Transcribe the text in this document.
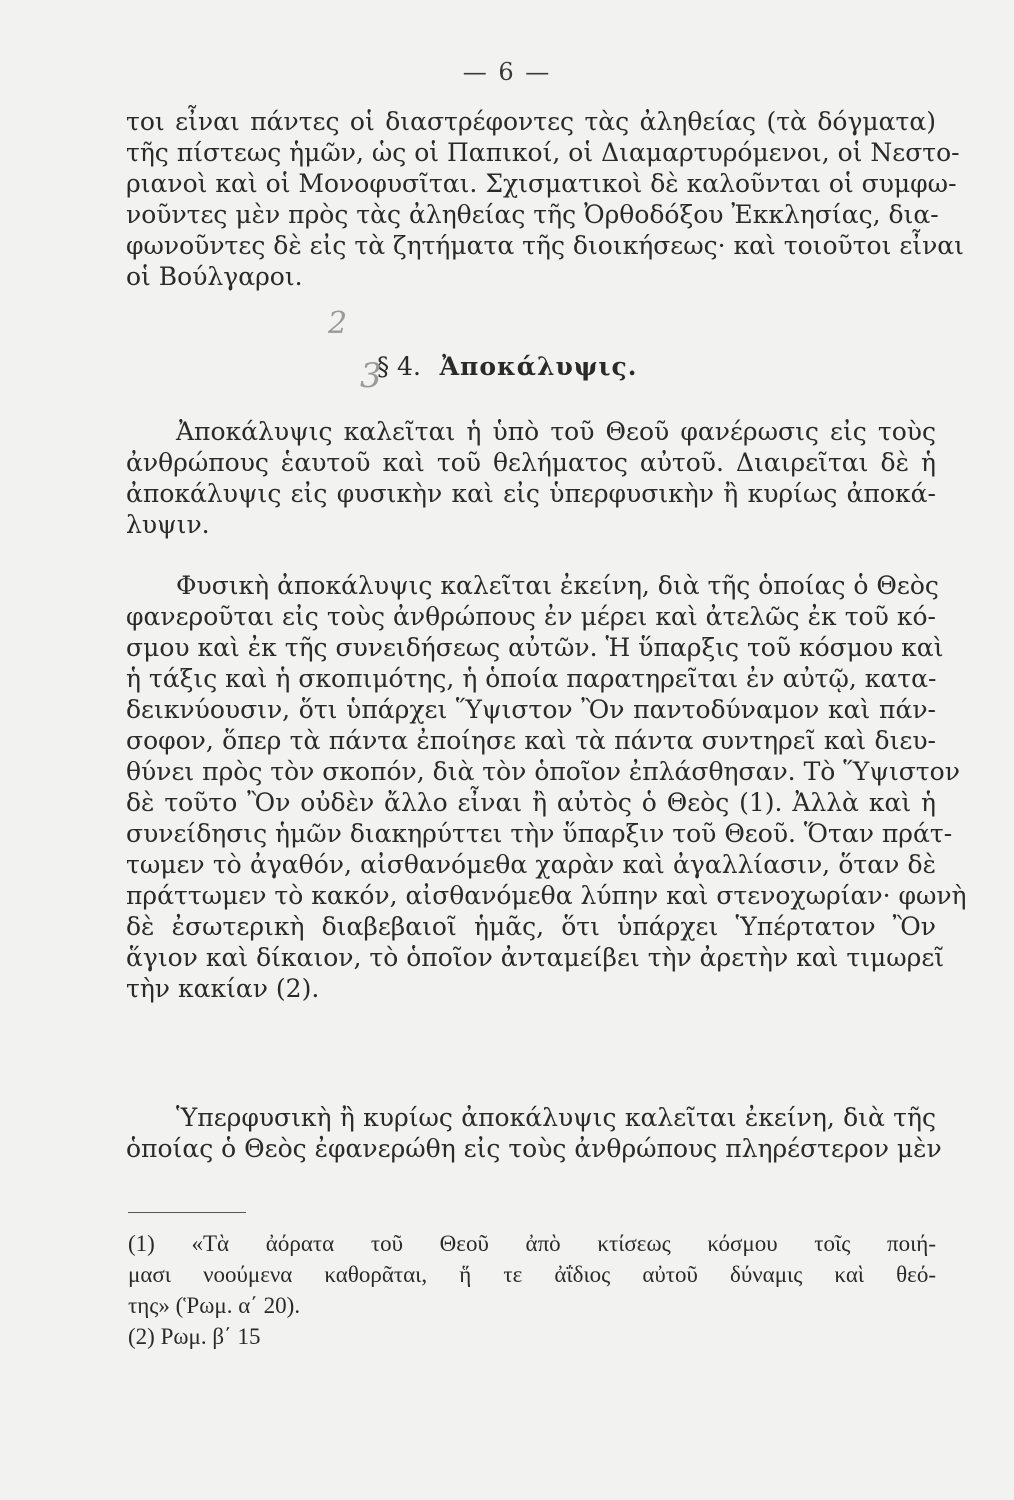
— 6 —
τοι εἶναι πάντες οἱ διαστρέφοντες τὰς ἀληθείας (τὰ δόγματα)
τῆς πίστεως ἡμῶν, ὡς οἱ Παπικοί, οἱ Διαμαρτυρόμενοι, οἱ Νεστο-
ριανοὶ καὶ οἱ Μονοφυσῖται. Σχισματικοὶ δὲ καλοῦνται οἱ συμφω-
νοῦντες μὲν πρὸς τὰς ἀληθείας τῆς Ὀρθοδόξου Ἐκκλησίας, δια-
φωνοῦντες δὲ εἰς τὰ ζητήματα τῆς διοικήσεως· καὶ τοιοῦτοι εἶναι
οἱ Βούλγαροι.
2
§ 4. Ἀποκάλυψις.
3
Ἀποκάλυψις καλεῖται ἡ ὑπὸ τοῦ Θεοῦ φανέρωσις εἰς τοὺς
ἀνθρώπους ἑαυτοῦ καὶ τοῦ θελήματος αὐτοῦ. Διαιρεῖται δὲ ἡ
ἀποκάλυψις εἰς φυσικὴν καὶ εἰς ὑπερφυσικὴν ἢ κυρίως ἀποκά-
λυψιν.
Φυσικὴ ἀποκάλυψις καλεῖται ἐκείνη, διὰ τῆς ὁποίας ὁ Θεὸς
φανεροῦται εἰς τοὺς ἀνθρώπους ἐν μέρει καὶ ἀτελῶς ἐκ τοῦ κό-
σμου καὶ ἐκ τῆς συνειδήσεως αὐτῶν. Ἡ ὕπαρξις τοῦ κόσμου καὶ
ἡ τάξις καὶ ἡ σκοπιμότης, ἡ ὁποία παρατηρεῖται ἐν αὐτῷ, κατα-
δεικνύουσιν, ὅτι ὑπάρχει Ὕψιστον Ὂν παντοδύναμον καὶ πάν-
σοφον, ὅπερ τὰ πάντα ἐποίησε καὶ τὰ πάντα συντηρεῖ καὶ διευ-
θύνει πρὸς τὸν σκοπόν, διὰ τὸν ὁποῖον ἐπλάσθησαν. Τὸ Ὕψιστον
δὲ τοῦτο Ὂν οὐδὲν ἄλλο εἶναι ἢ αὐτὸς ὁ Θεὸς (1). Ἀλλὰ καὶ ἡ
συνείδησις ἡμῶν διακηρύττει τὴν ὕπαρξιν τοῦ Θεοῦ. Ὅταν πράτ-
τωμεν τὸ ἀγαθόν, αἰσθανόμεθα χαρὰν καὶ ἀγαλλίασιν, ὅταν δὲ
πράττωμεν τὸ κακόν, αἰσθανόμεθα λύπην καὶ στενοχωρίαν· φωνὴ
δὲ ἐσωτερικὴ διαβεβαιοῖ ἡμᾶς, ὅτι ὑπάρχει Ὑπέρτατον Ὂν
ἅγιον καὶ δίκαιον, τὸ ὁποῖον ἀνταμείβει τὴν ἀρετὴν καὶ τιμωρεῖ
τὴν κακίαν (2).
Ὑπερφυσικὴ ἢ κυρίως ἀποκάλυψις καλεῖται ἐκείνη, διὰ τῆς
ὁποίας ὁ Θεὸς ἐφανερώθη εἰς τοὺς ἀνθρώπους πληρέστερον μὲν
(1) «Τὰ ἀόρατα τοῦ Θεοῦ ἀπὸ κτίσεως κόσμου τοῖς ποιή-
μασι νοούμενα καθορᾶται, ἥ τε ἀΐδιος αὐτοῦ δύναμις καὶ θεό-
της» (Ῥωμ. α΄ 20).
(2) Ρωμ. β΄ 15
